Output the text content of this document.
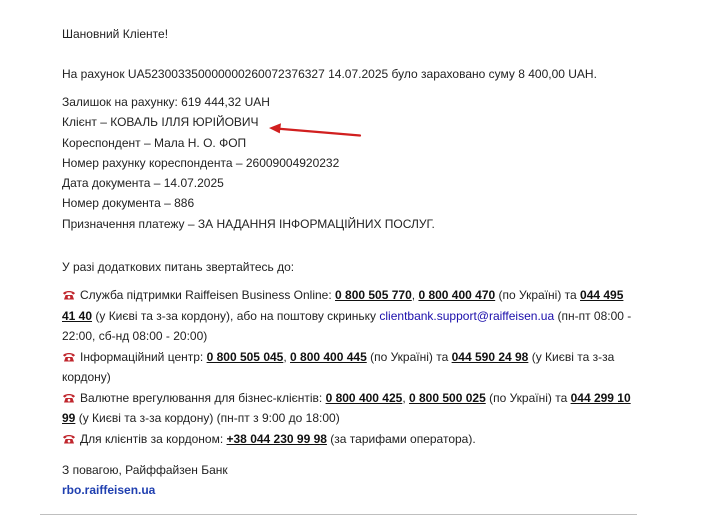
Шановний Кліенте!
На рахунок UA523003350000000260072376327 14.07.2025 було зараховано суму 8 400,00 UAH.
Залишок на рахунку: 619 444,32 UAH
Клієнт – КОВАЛЬ ІЛЛЯ ЮРІЙОВИЧ
Кореспондент – Мала Н. О. ФОП
Номер рахунку кореспондента – 26009004920232
Дата документа – 14.07.2025
Номер документа – 886
Призначення платежу – ЗА НАДАННЯ ІНФОРМАЦІЙНИХ ПОСЛУГ.
У разі додаткових питань звертайтесь до:
Служба підтримки Raiffeisen Business Online: 0 800 505 770, 0 800 400 470 (по Україні) та 044 495 41 40 (у Києві та з-за кордону), або на поштову скриньку clientbank.support@raiffeisen.ua (пн-пт 08:00 - 22:00, сб-нд 08:00 - 20:00)
Інформаційний центр: 0 800 505 045, 0 800 400 445 (по Україні) та 044 590 24 98 (у Києві та з-за кордону)
Валютне врегулювання для бізнес-клієнтів: 0 800 400 425, 0 800 500 025 (по Україні) та 044 299 10 99 (у Києві та з-за кордону) (пн-пт з 9:00 до 18:00)
Для клієнтів за кордоном: +38 044 230 99 98 (за тарифами оператора).
З повагою, Райффайзен Банк
rbo.raiffeisen.ua
